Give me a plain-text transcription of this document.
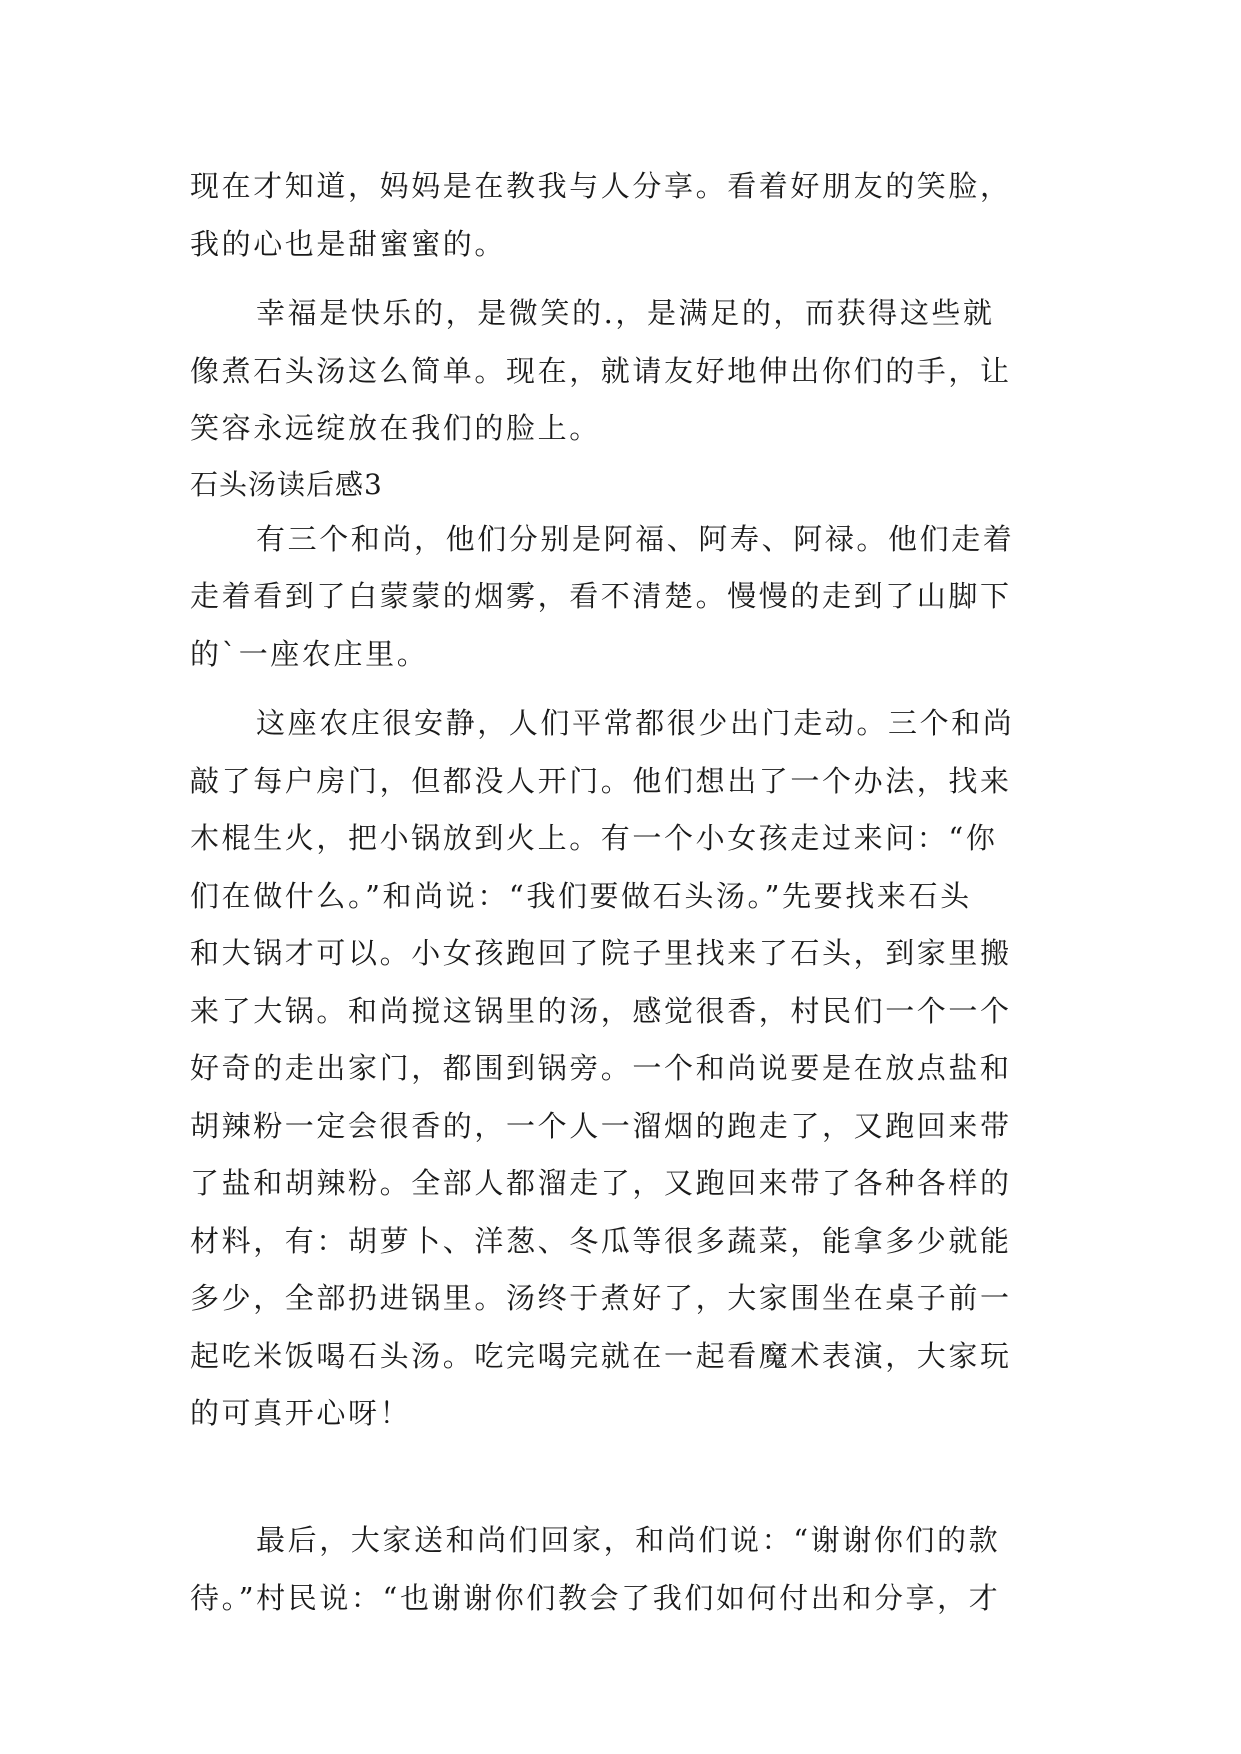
现在才知道，妈妈是在教我与人分享。看着好朋友的笑脸，
我的心也是甜蜜蜜的。
幸福是快乐的，是微笑的.，是满足的，而获得这些就
像煮石头汤这么简单。现在，就请友好地伸出你们的手，让
笑容永远绽放在我们的脸上。
石头汤读后感3
有三个和尚，他们分别是阿福、阿寿、阿禄。他们走着
走着看到了白蒙蒙的烟雾，看不清楚。慢慢的走到了山脚下
的`一座农庄里。
这座农庄很安静，人们平常都很少出门走动。三个和尚
敲了每户房门，但都没人开门。他们想出了一个办法，找来
木棍生火，把小锅放到火上。有一个小女孩走过来问：“你
们在做什么。”和尚说：“我们要做石头汤。”先要找来石头
和大锅才可以。小女孩跑回了院子里找来了石头，到家里搬
来了大锅。和尚搅这锅里的汤，感觉很香，村民们一个一个
好奇的走出家门，都围到锅旁。一个和尚说要是在放点盐和
胡辣粉一定会很香的，一个人一溜烟的跑走了，又跑回来带
了盐和胡辣粉。全部人都溜走了，又跑回来带了各种各样的
材料，有：胡萝卜、洋葱、冬瓜等很多蔬菜，能拿多少就能
多少，全部扔进锅里。汤终于煮好了，大家围坐在桌子前一
起吃米饭喝石头汤。吃完喝完就在一起看魔术表演，大家玩
的可真开心呀！
最后，大家送和尚们回家，和尚们说：“谢谢你们的款
待。”村民说：“也谢谢你们教会了我们如何付出和分享，才
